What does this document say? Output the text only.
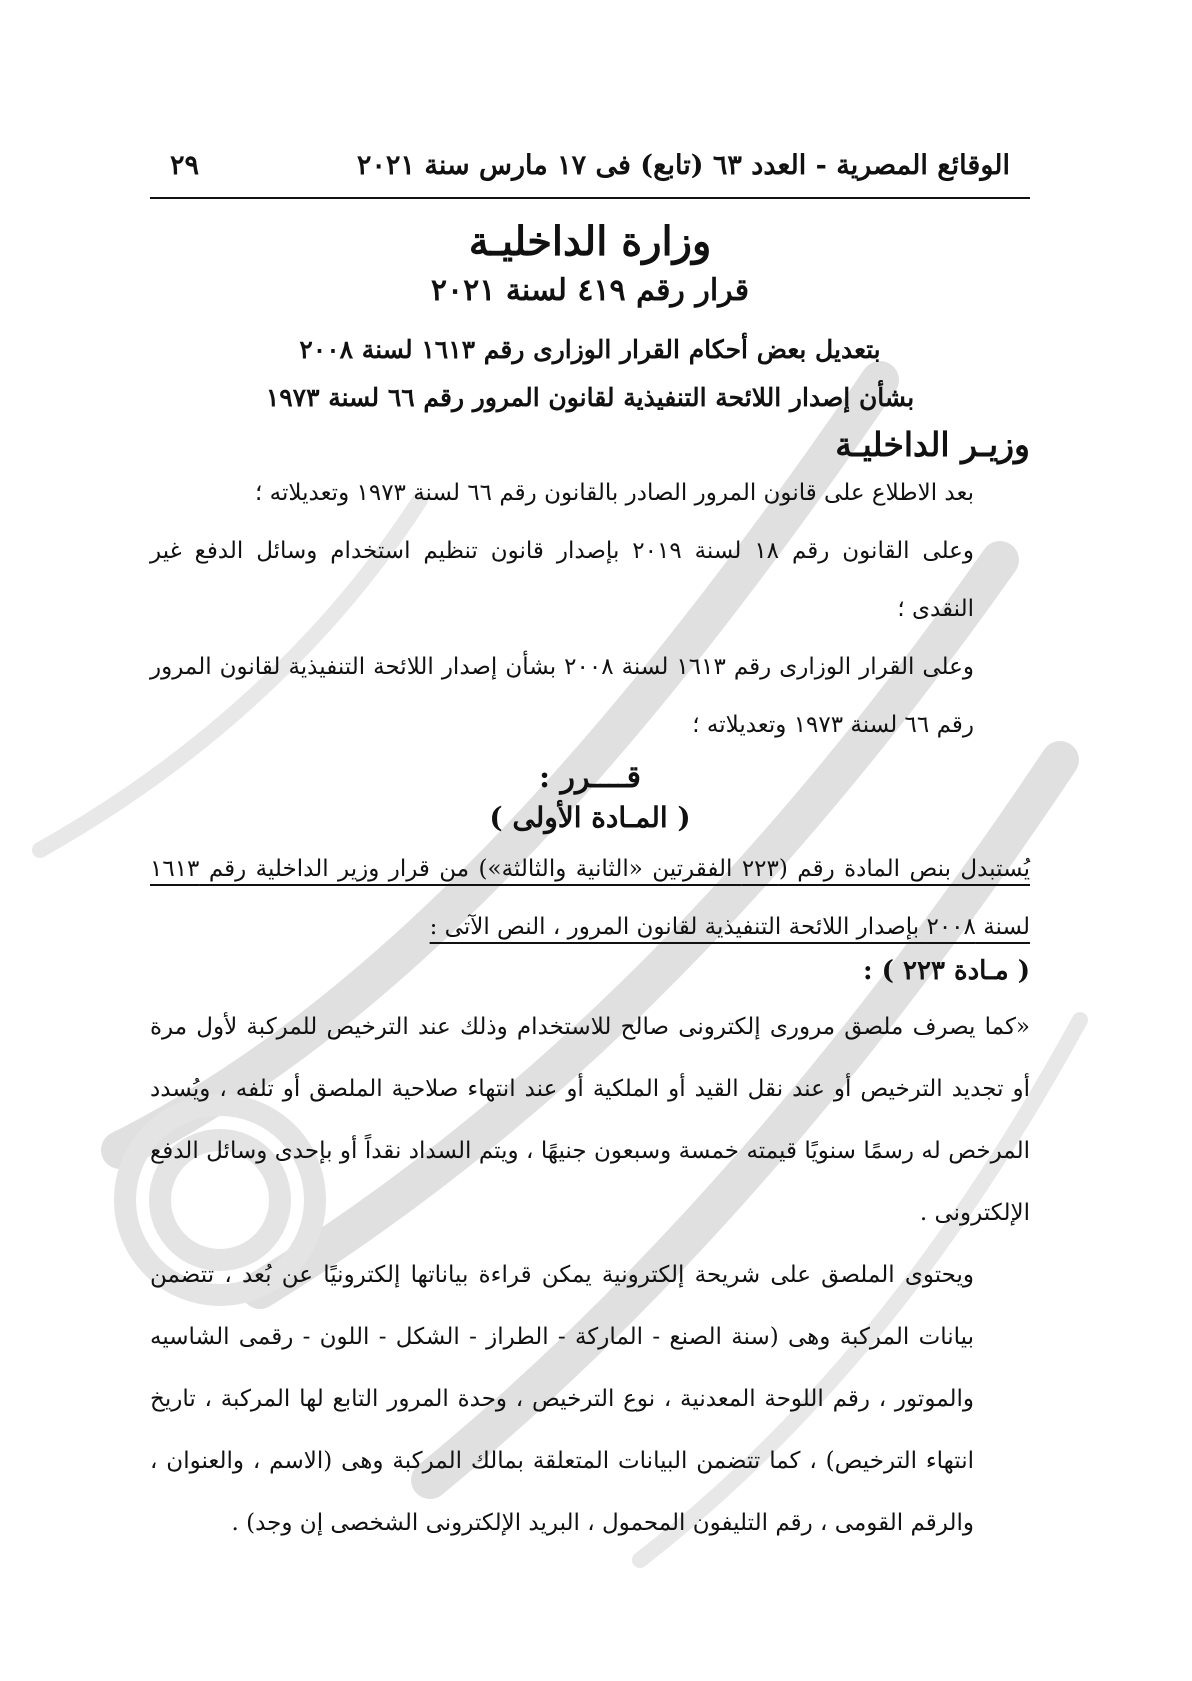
الوقائع المصرية - العدد ٦٣ (تابع) فى ١٧ مارس سنة ٢٠٢١
٢٩
وزارة الداخليـة
قرار رقم ٤١٩ لسنة ٢٠٢١
بتعديل بعض أحكام القرار الوزارى رقم ١٦١٣ لسنة ٢٠٠٨
بشأن إصدار اللائحة التنفيذية لقانون المرور رقم ٦٦ لسنة ١٩٧٣
وزيـر الداخليـة

بعد الاطلاع على قانون المرور الصادر بالقانون رقم ٦٦ لسنة ١٩٧٣ وتعديلاته ؛

وعلى القانون رقم ١٨ لسنة ٢٠١٩ بإصدار قانون تنظيم استخدام وسائل الدفع غير النقدى ؛

وعلى القرار الوزارى رقم ١٦١٣ لسنة ٢٠٠٨ بشأن إصدار اللائحة التنفيذية لقانون المرور رقم ٦٦ لسنة ١٩٧٣ وتعديلاته ؛

قــــرر :
( المـادة الأولى )

يُستبدل بنص المادة رقم (٢٢٣ الفقرتين «الثانية والثالثة») من قرار وزير الداخلية رقم ١٦١٣ لسنة ٢٠٠٨ بإصدار اللائحة التنفيذية لقانون المرور ، النص الآتى :

( مـادة ٢٢٣ ) :

«كما يصرف ملصق مرورى إلكترونى صالح للاستخدام وذلك عند الترخيص للمركبة لأول مرة أو تجديد الترخيص أو عند نقل القيد أو الملكية أو عند انتهاء صلاحية الملصق أو تلفه ، ويُسدد المرخص له رسمًا سنويًا قيمته خمسة وسبعون جنيهًا ، ويتم السداد نقداً أو بإحدى وسائل الدفع الإلكترونى .

ويحتوى الملصق على شريحة إلكترونية يمكن قراءة بياناتها إلكترونيًا عن بُعد ، تتضمن بيانات المركبة وهى (سنة الصنع - الماركة - الطراز - الشكل - اللون - رقمى الشاسيه والموتور ، رقم اللوحة المعدنية ، نوع الترخيص ، وحدة المرور التابع لها المركبة ، تاريخ انتهاء الترخيص) ، كما تتضمن البيانات المتعلقة بمالك المركبة وهى (الاسم ، والعنوان ، والرقم القومى ، رقم التليفون المحمول ، البريد الإلكترونى الشخصى إن وجد) .
